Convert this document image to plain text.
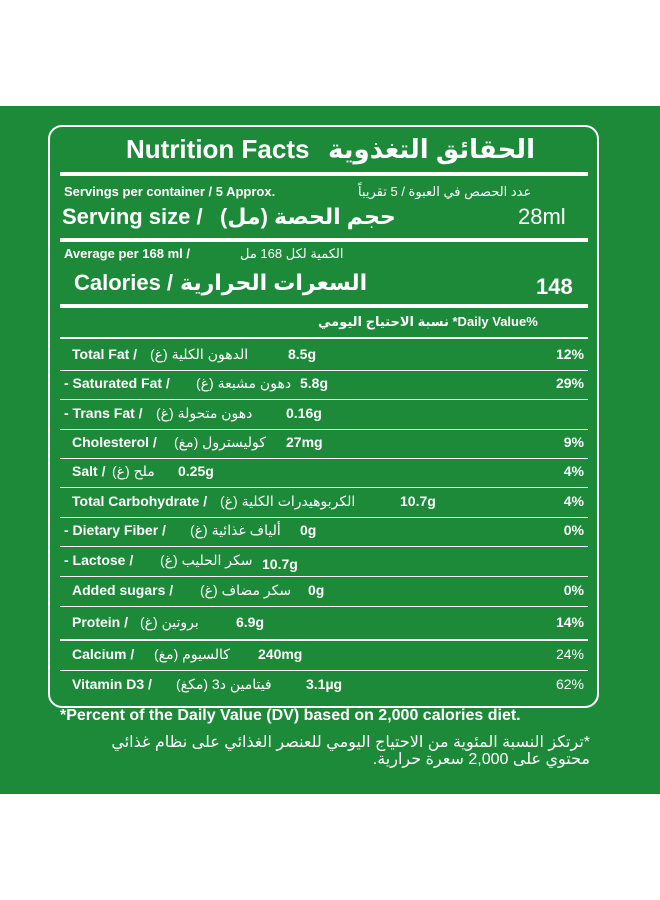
Nutrition Facts الحقائق التغذوية
Servings per container / 5 Approx.	عدد الحصص في العبوة / 5 تقريباً
Serving size / حجم الحصة (مل)	28ml
Average per 168 ml /	الكمية لكل 168 مل
Calories / السعرات الحرارية	148
نسبة الاحتياج اليومي *Daily Value%
Total Fat / الدهون الكلية (غ)	8.5g	12%
- Saturated Fat / دهون مشبعة (غ) 5.8g	29%
- Trans Fat / دهون متحولة (غ) 0.16g
Cholesterol / كوليسترول (مغ) 27mg	9%
Salt / ملح (غ) 0.25g	4%
Total Carbohydrate / الكربوهيدرات الكلية (غ)	10.7g	4%
- Dietary Fiber / ألياف غذائية (غ) 0g	0%
- Lactose / سكر الحليب (غ) 10.7g
Added sugars / سكر مضاف (غ) 0g	0%
Protein / بروتين (غ)	6.9g	14%
Calcium / كالسيوم (مغ) 240mg	24%
Vitamin D3 / فيتامين د3 (مكغ) 3.1µg	62%
*Percent of the Daily Value (DV) based on 2,000 calories diet.
*ترتكز النسبة المئوية من الاحتياج اليومي للعنصر الغذائي على نظام غذائي محتوي على 2,000 سعرة حرارية.
